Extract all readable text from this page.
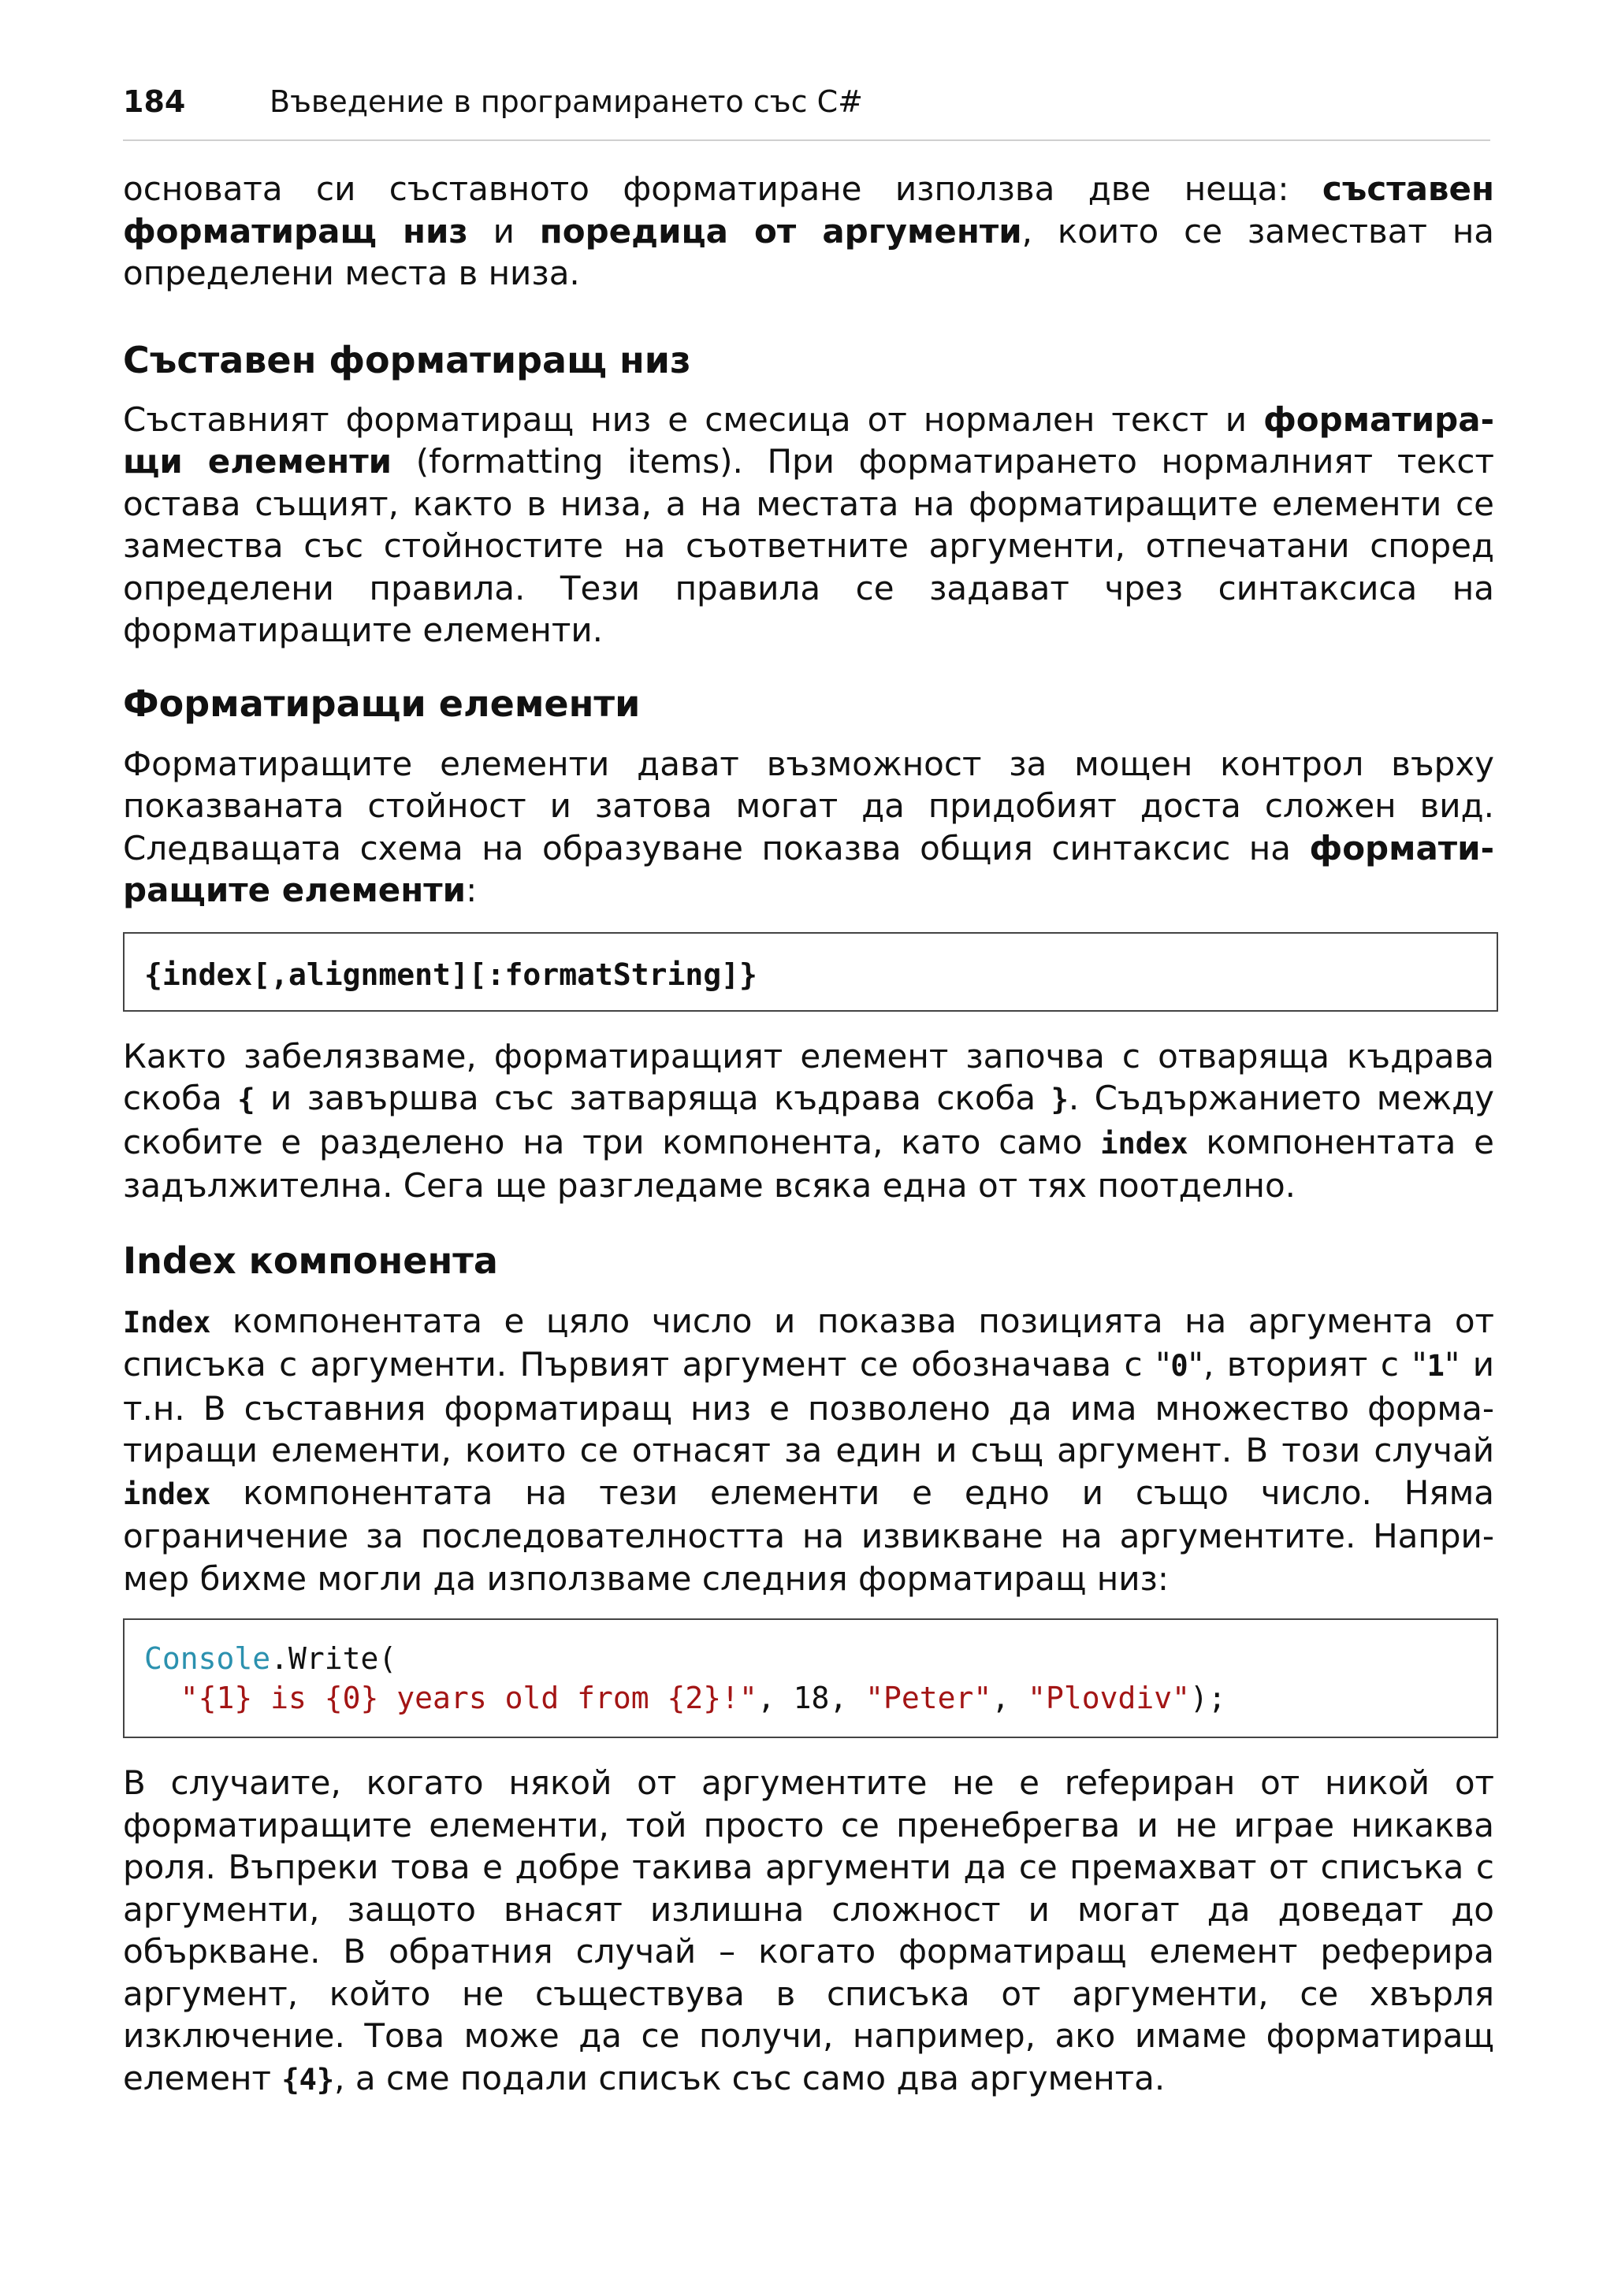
184	Въведение в програмирането със C#

основата си съставното форматиране използва две неща: съставен форматиращ низ и поредица от аргументи, които се заместват на определени места в низа.

Съставен форматиращ низ

Съставният форматиращ низ е смесица от нормален текст и форматира-щи елементи (formatting items). При форматирането нормалният текст остава същият, както в низа, а на местата на форматиращите елементи се замества със стойностите на съответните аргументи, отпечатани според определени правила. Тези правила се задават чрез синтаксиса на форматиращите елементи.

Форматиращи елементи

Форматиращите елементи дават възможност за мощен контрол върху показваната стойност и затова могат да придобият доста сложен вид. Следващата схема на образуване показва общия синтаксис на формати-ращите елементи:

{index[,alignment][:formatString]}

Както забелязваме, форматиращият елемент започва с отваряща къдрава скоба { и завършва със затваряща къдрава скоба }. Съдържанието между скобите е разделено на три компонента, като само index компонентата е задължителна. Сега ще разгледаме всяка една от тях поотделно.

Index компонента

Index компонентата е цяло число и показва позицията на аргумента от списъка с аргументи. Първият аргумент се обозначава с "0", вторият с "1" и т.н. В съставния форматиращ низ е позволено да има множество форма-тиращи елементи, които се отнасят за един и същ аргумент. В този случай index компонентата на тези елементи е едно и също число. Няма ограничение за последователността на извикване на аргументите. Напри-мер бихме могли да използваме следния форматиращ низ:

Console.Write(
"{1} is {0} years old from {2}!", 18, "Peter", "Plovdiv");

В случаите, когато някой от аргументите не е refериран от никой от форматиращите елементи, той просто се пренебрегва и не играе никаква роля. Въпреки това е добре такива аргументи да се премахват от списъка с аргументи, защото внасят излишна сложност и могат да доведат до объркване. В обратния случай – когато форматиращ елемент реферира аргумент, който не съществува в списъка от аргументи, се хвърля изключение. Това може да се получи, например, ако имаме форматиращ елемент {4}, а сме подали списък със само два аргумента.
